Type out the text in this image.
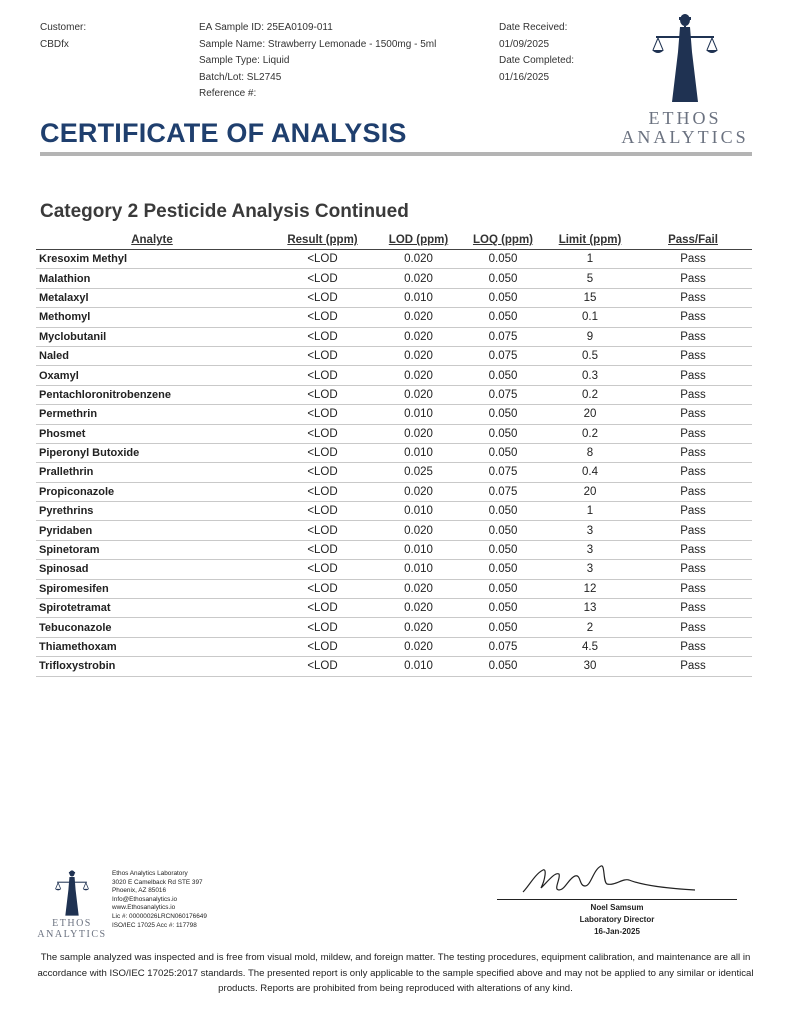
Customer:
CBDfx
EA Sample ID: 25EA0109-011
Sample Name: Strawberry Lemonade - 1500mg - 5ml
Sample Type: Liquid
Batch/Lot: SL2745
Reference #:
Date Received:
01/09/2025
Date Completed:
01/16/2025
ETHOS
ANALYTICS
CERTIFICATE OF ANALYSIS
Category 2 Pesticide Analysis Continued
Analyte	Result (ppm)	LOD (ppm)	LOQ (ppm)	Limit (ppm)	Pass/Fail
Kresoxim Methyl	<LOD	0.020	0.050	1	Pass
Malathion	<LOD	0.020	0.050	5	Pass
Metalaxyl	<LOD	0.010	0.050	15	Pass
Methomyl	<LOD	0.020	0.050	0.1	Pass
Myclobutanil	<LOD	0.020	0.075	9	Pass
Naled	<LOD	0.020	0.075	0.5	Pass
Oxamyl	<LOD	0.020	0.050	0.3	Pass
Pentachloronitrobenzene	<LOD	0.020	0.075	0.2	Pass
Permethrin	<LOD	0.010	0.050	20	Pass
Phosmet	<LOD	0.020	0.050	0.2	Pass
Piperonyl Butoxide	<LOD	0.010	0.050	8	Pass
Prallethrin	<LOD	0.025	0.075	0.4	Pass
Propiconazole	<LOD	0.020	0.075	20	Pass
Pyrethrins	<LOD	0.010	0.050	1	Pass
Pyridaben	<LOD	0.020	0.050	3	Pass
Spinetoram	<LOD	0.010	0.050	3	Pass
Spinosad	<LOD	0.010	0.050	3	Pass
Spiromesifen	<LOD	0.020	0.050	12	Pass
Spirotetramat	<LOD	0.020	0.050	13	Pass
Tebuconazole	<LOD	0.020	0.050	2	Pass
Thiamethoxam	<LOD	0.020	0.075	4.5	Pass
Trifloxystrobin	<LOD	0.010	0.050	30	Pass
ETHOS
ANALYTICS
Ethos Analytics Laboratory
3020 E Camelback Rd STE 397
Phoenix, AZ 85016
Info@Ethosanalytics.io
www.Ethosanalytics.io
Lic #: 00000026LRCN060176649
ISO/IEC 17025 Acc #: 117798
Noel Samsum
Laboratory Director
16-Jan-2025
The sample analyzed was inspected and is free from visual mold, mildew, and foreign matter. The testing procedures, equipment calibration, and maintenance are all in accordance with ISO/IEC 17025:2017 standards. The presented report is only applicable to the sample specified above and may not be applied to any similar or identical products. Reports are prohibited from being reproduced with alterations of any kind.
